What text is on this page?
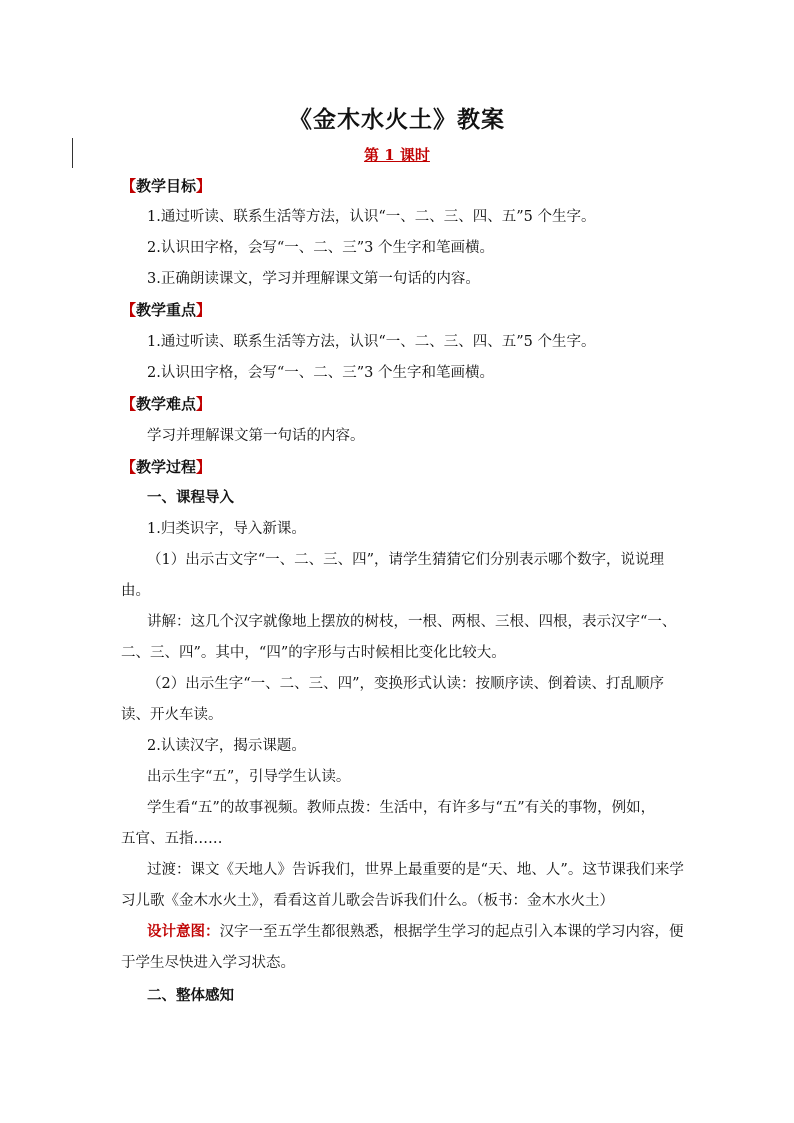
《金木水火土》教案
第 1 课时
【教学目标】
1.通过听读、联系生活等方法，认识“一、二、三、四、五”5 个生字。
2.认识田字格，会写“一、二、三”3 个生字和笔画横。
3.正确朗读课文，学习并理解课文第一句话的内容。
【教学重点】
1.通过听读、联系生活等方法，认识“一、二、三、四、五”5 个生字。
2.认识田字格，会写“一、二、三”3 个生字和笔画横。
【教学难点】
学习并理解课文第一句话的内容。
【教学过程】
一、课程导入
1.归类识字，导入新课。
（1）出示古文字“一、二、三、四”，请学生猜猜它们分别表示哪个数字，说说理
由。
讲解：这几个汉字就像地上摆放的树枝，一根、两根、三根、四根，表示汉字“一、
二、三、四”。其中，“四”的字形与古时候相比变化比较大。
（2）出示生字“一、二、三、四”，变换形式认读：按顺序读、倒着读、打乱顺序
读、开火车读。
2.认读汉字，揭示课题。
出示生字“五”，引导学生认读。
学生看“五”的故事视频。教师点拨：生活中，有许多与“五”有关的事物，例如，
五官、五指……
过渡：课文《天地人》告诉我们，世界上最重要的是“天、地、人”。这节课我们来学
习儿歌《金木水火土》，看看这首儿歌会告诉我们什么。（板书：金木水火土）
设计意图：汉字一至五学生都很熟悉，根据学生学习的起点引入本课的学习内容，便
于学生尽快进入学习状态。
二、整体感知
